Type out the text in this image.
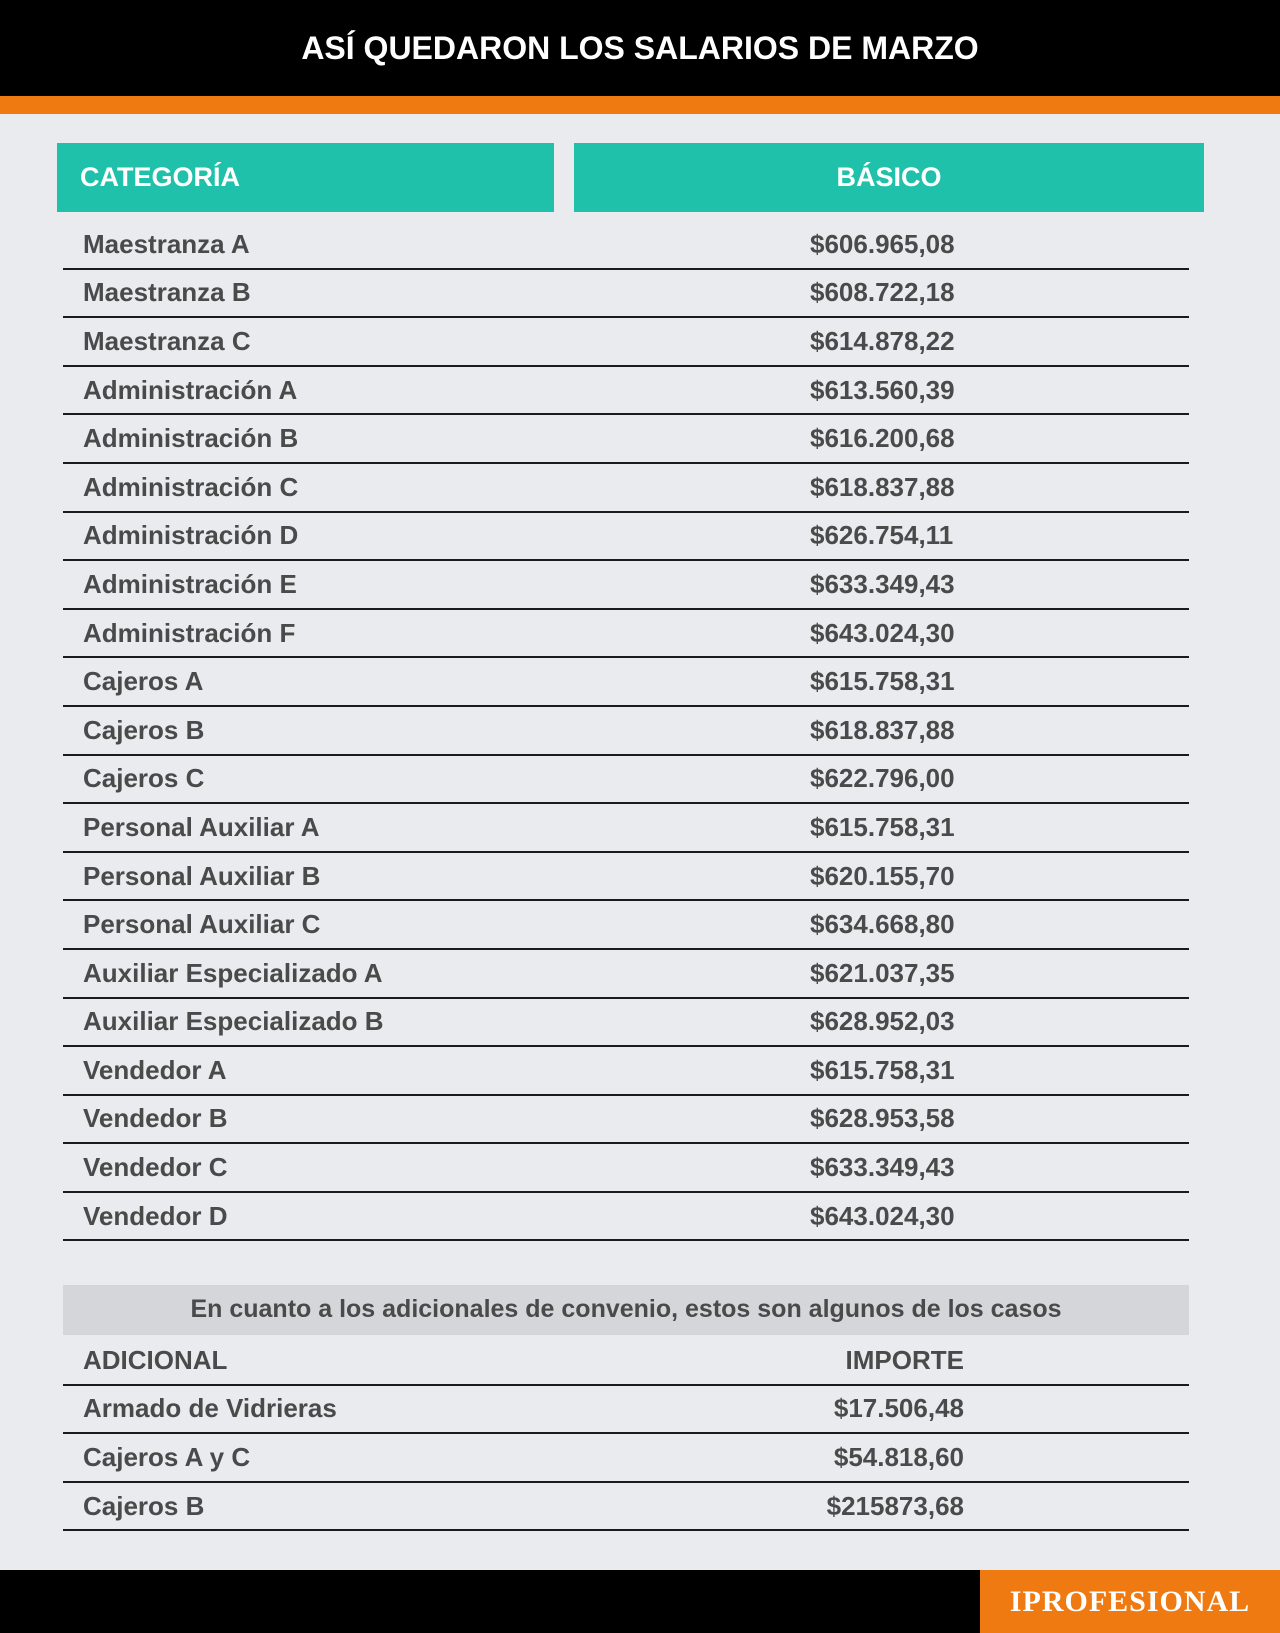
ASÍ QUEDARON LOS SALARIOS DE MARZO
CATEGORÍA	BÁSICO
Maestranza A	$606.965,08
Maestranza B	$608.722,18
Maestranza C	$614.878,22
Administración A	$613.560,39
Administración B	$616.200,68
Administración C	$618.837,88
Administración D	$626.754,11
Administración E	$633.349,43
Administración F	$643.024,30
Cajeros A	$615.758,31
Cajeros B	$618.837,88
Cajeros C	$622.796,00
Personal Auxiliar A	$615.758,31
Personal Auxiliar B	$620.155,70
Personal Auxiliar C	$634.668,80
Auxiliar Especializado A	$621.037,35
Auxiliar Especializado B	$628.952,03
Vendedor A	$615.758,31
Vendedor B	$628.953,58
Vendedor C	$633.349,43
Vendedor D	$643.024,30
En cuanto a los adicionales de convenio, estos son algunos de los casos
ADICIONAL	IMPORTE
Armado de Vidrieras	$17.506,48
Cajeros A y C	$54.818,60
Cajeros B	$215873,68
IPROFESIONAL
